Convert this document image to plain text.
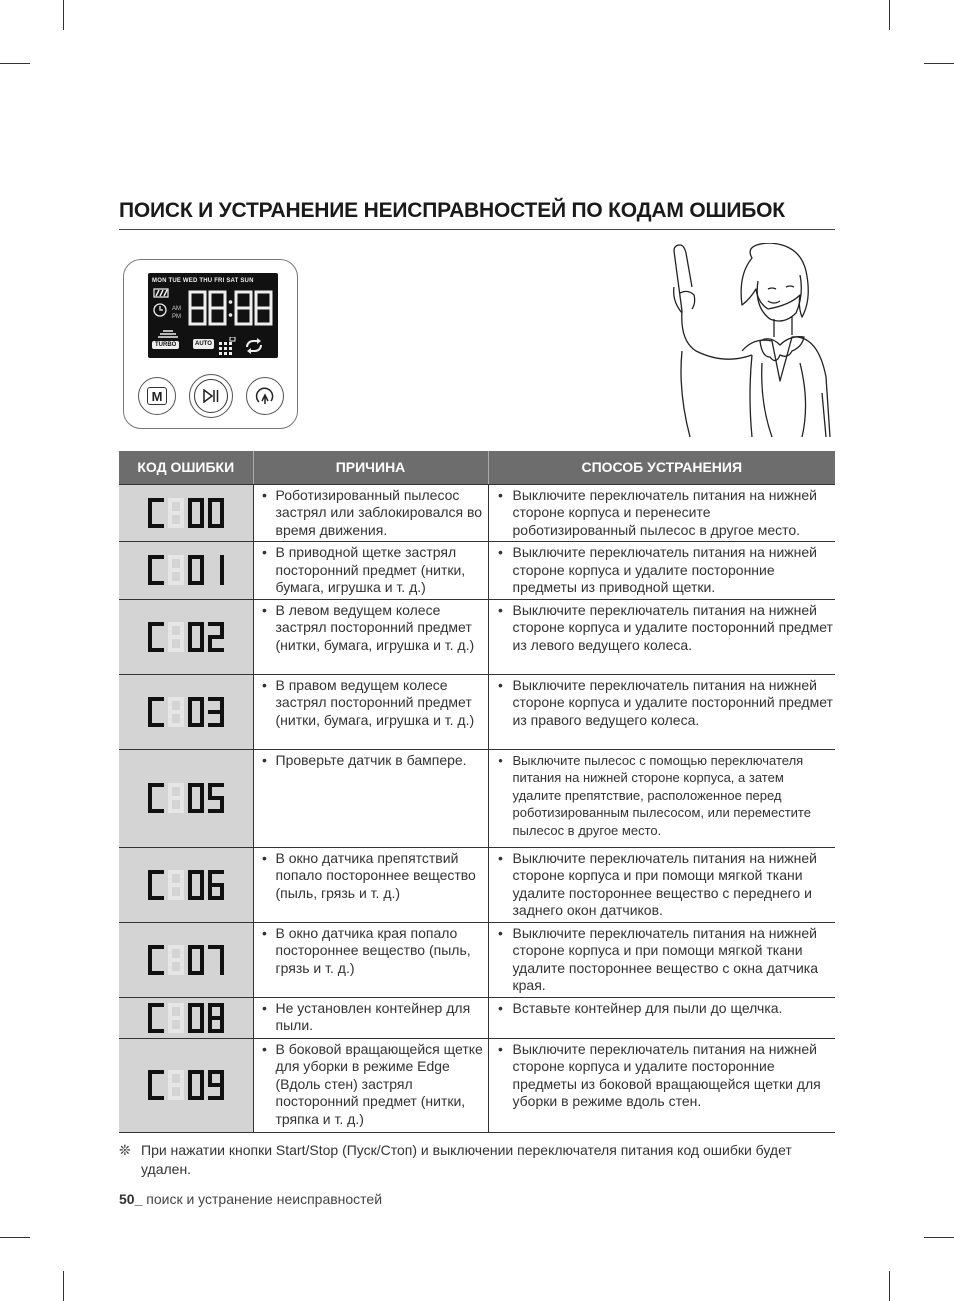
ПОИСК И УСТРАНЕНИЕ НЕИСПРАВНОСТЕЙ ПО КОДАМ ОШИБОК
MON TUE WED THU FRI SAT SUN
AM
PM
TURBO	AUTO
M
КОД ОШИБКИ	ПРИЧИНА	СПОСОБ УСТРАНЕНИЯ

• Роботизированный пылесос застрял или заблокировался во время движения.	• Выключите переключатель питания на нижней стороне корпуса и перенесите роботизированный пылесос в другое место.

• В приводной щетке застрял посторонний предмет (нитки, бумага, игрушка и т. д.)	• Выключите переключатель питания на нижней стороне корпуса и удалите посторонние предметы из приводной щетки.

• В левом ведущем колесе застрял посторонний предмет (нитки, бумага, игрушка и т. д.)	• Выключите переключатель питания на нижней стороне корпуса и удалите посторонний предмет из левого ведущего колеса.

• В правом ведущем колесе застрял посторонний предмет (нитки, бумага, игрушка и т. д.)	• Выключите переключатель питания на нижней стороне корпуса и удалите посторонний предмет из правого ведущего колеса.

• Проверьте датчик в бампере.	• Выключите пылесос с помощью переключателя питания на нижней стороне корпуса, а затем удалите препятствие, расположенное перед роботизированным пылесосом, или переместите пылесос в другое место.

• В окно датчика препятствий попало постороннее вещество (пыль, грязь и т. д.)	• Выключите переключатель питания на нижней стороне корпуса и при помощи мягкой ткани удалите постороннее вещество с переднего и заднего окон датчиков.

• В окно датчика края попало постороннее вещество (пыль, грязь и т. д.)	• Выключите переключатель питания на нижней стороне корпуса и при помощи мягкой ткани удалите постороннее вещество с окна датчика края.

• Не установлен контейнер для пыли.	• Вставьте контейнер для пыли до щелчка.

• В боковой вращающейся щетке для уборки в режиме Edge (Вдоль стен) застрял посторонний предмет (нитки, тряпка и т. д.)	• Выключите переключатель питания на нижней стороне корпуса и удалите посторонние предметы из боковой вращающейся щетки для уборки в режиме вдоль стен.
❊ При нажатии кнопки Start/Stop (Пуск/Стоп) и выключении переключателя питания код ошибки будет удален.
50_ поиск и устранение неисправностей
